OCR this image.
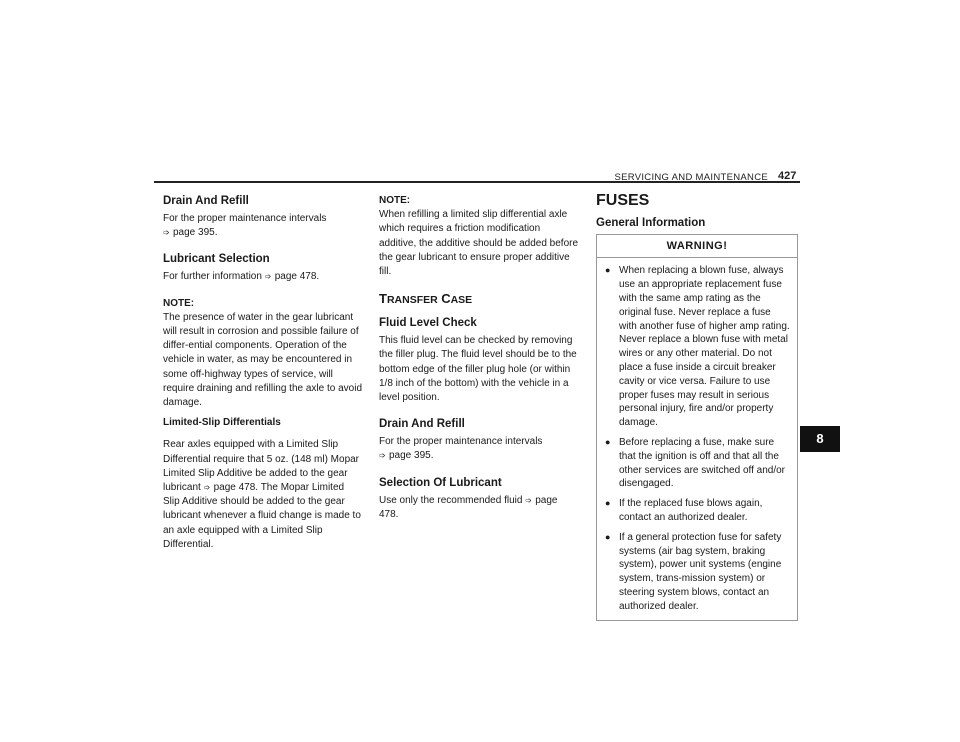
SERVICING AND MAINTENANCE 427
Drain And Refill

For the proper maintenance intervals
➩ page 395.

Lubricant Selection

For further information ➩ page 478.

NOTE:
The presence of water in the gear lubricant will result in corrosion and possible failure of differ-ential components. Operation of the vehicle in water, as may be encountered in some off-highway types of service, will require draining and refilling the axle to avoid damage.

Limited-Slip Differentials

Rear axles equipped with a Limited Slip Differential require that 5 oz. (148 ml) Mopar Limited Slip Additive be added to the gear lubricant ➩ page 478. The Mopar Limited Slip Additive should be added to the gear lubricant whenever a fluid change is made to an axle equipped with a Limited Slip Differential.

NOTE:
When refilling a limited slip differential axle which requires a friction modification additive, the additive should be added before the gear lubricant to ensure proper additive fill.

TRANSFER CASE
Fluid Level Check

This fluid level can be checked by removing the filler plug. The fluid level should be to the bottom edge of the filler plug hole (or within 1/8 inch of the bottom) with the vehicle in a level position.

Drain And Refill

For the proper maintenance intervals
➩ page 395.

Selection Of Lubricant

Use only the recommended fluid ➩ page 478.

FUSES
General Information
WARNING!
● When replacing a blown fuse, always use an appropriate replacement fuse with the same amp rating as the original fuse. Never replace a fuse with another fuse of higher amp rating. Never replace a blown fuse with metal wires or any other material. Do not place a fuse inside a circuit breaker cavity or vice versa. Failure to use proper fuses may result in serious personal injury, fire and/or property damage.
● Before replacing a fuse, make sure that the ignition is off and that all the other services are switched off and/or disengaged.
● If the replaced fuse blows again, contact an authorized dealer.
● If a general protection fuse for safety systems (air bag system, braking system), power unit systems (engine system, trans-mission system) or steering system blows, contact an authorized dealer.
8
